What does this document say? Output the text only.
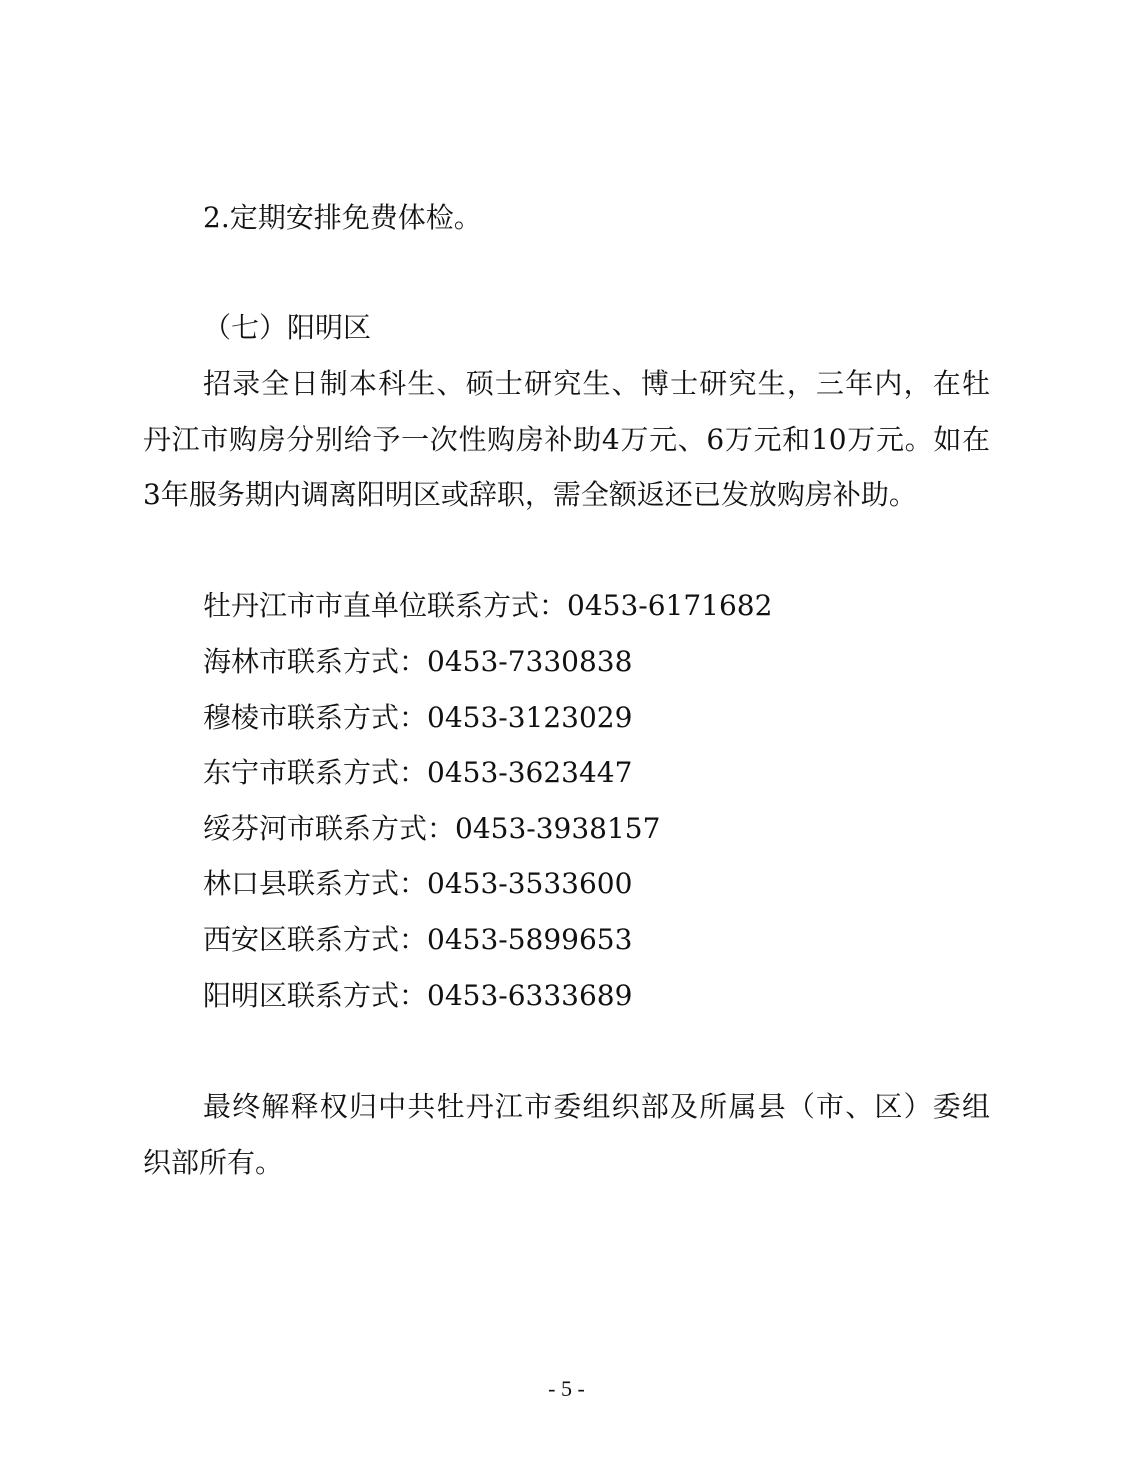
2.定期安排免费体检。
（七）阳明区
招录全日制本科生、硕士研究生、博士研究生，三年内，在牡
丹江市购房分别给予一次性购房补助4万元、6万元和10万元。如在
3年服务期内调离阳明区或辞职，需全额返还已发放购房补助。
牡丹江市市直单位联系方式：0453-6171682
海林市联系方式：0453-7330838
穆棱市联系方式：0453-3123029
东宁市联系方式：0453-3623447
绥芬河市联系方式：0453-3938157
林口县联系方式：0453-3533600
西安区联系方式：0453-5899653
阳明区联系方式：0453-6333689
最终解释权归中共牡丹江市委组织部及所属县（市、区）委组
织部所有。
- 5 -
